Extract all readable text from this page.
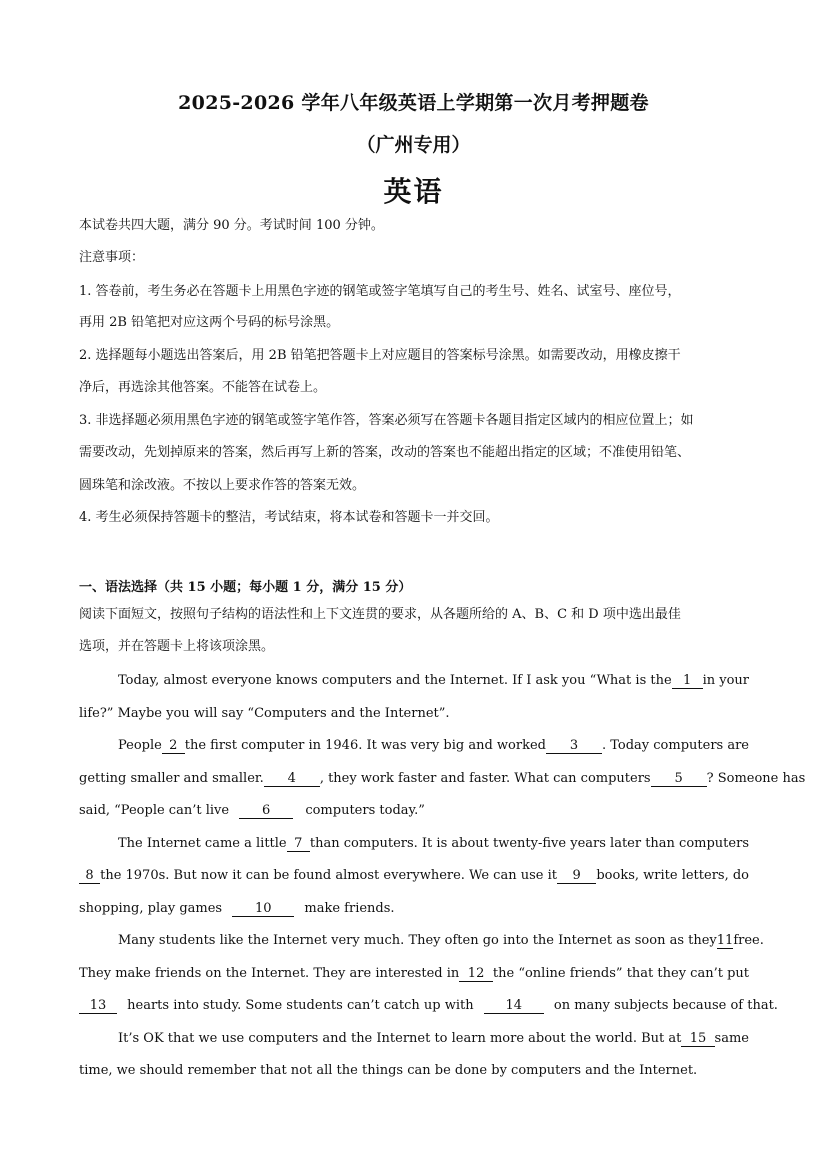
2025-2026 学年八年级英语上学期第一次月考押题卷
（广州专用）
英语
本试卷共四大题，满分 90 分。考试时间 100 分钟。
注意事项：
1. 答卷前，考生务必在答题卡上用黑色字迹的钢笔或签字笔填写自己的考生号、姓名、试室号、座位号，
再用 2B 铅笔把对应这两个号码的标号涂黑。
2. 选择题每小题选出答案后，用 2B 铅笔把答题卡上对应题目的答案标号涂黑。如需要改动，用橡皮擦干
净后，再选涂其他答案。不能答在试卷上。
3. 非选择题必须用黑色字迹的钢笔或签字笔作答，答案必须写在答题卡各题目指定区域内的相应位置上；如
需要改动，先划掉原来的答案，然后再写上新的答案，改动的答案也不能超出指定的区域；不准使用铅笔、
圆珠笔和涂改液。不按以上要求作答的答案无效。
4. 考生必须保持答题卡的整洁，考试结束，将本试卷和答题卡一并交回。
一、语法选择（共 15 小题；每小题 1 分，满分 15 分）
阅读下面短文，按照句子结构的语法性和上下文连贯的要求，从各题所给的 A、B、C 和 D 项中选出最佳
选项，并在答题卡上将该项涂黑。
Today, almost everyone knows computers and the Internet. If I ask you “What is the 1 in your
life?” Maybe you will say “Computers and the Internet”.
People 2 the first computer in 1946. It was very big and worked	3 . Today computers are
getting smaller and smaller.	4 , they work faster and faster. What can computers	5 ? Someone has
said, “People can’t live	6	computers today.”
The Internet came a little 7 than computers. It is about twenty-five years later than computers
8 the 1970s. But now it can be found almost everywhere. We can use it	9	books, write letters, do
shopping, play games	10	make friends.
Many students like the Internet very much. They often go into the Internet as soon as they 11 free.
They make friends on the Internet. They are interested in 12 the “online friends” that they can’t put
13 hearts into study. Some students can’t catch up with 14 on many subjects because of that.
It’s OK that we use computers and the Internet to learn more about the world. But at 15 same
time, we should remember that not all the things can be done by computers and the Internet.
